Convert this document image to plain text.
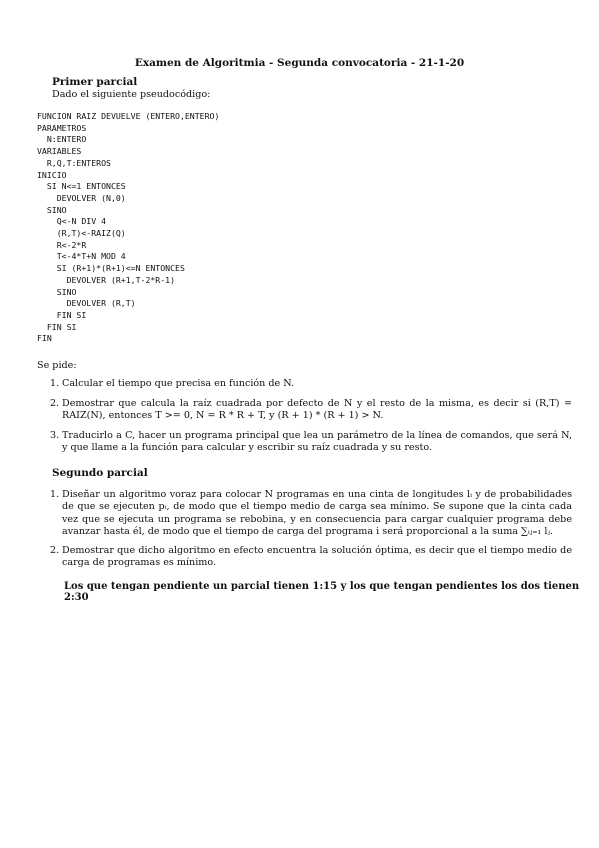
Examen de Algoritmia - Segunda convocatoria - 21-1-20
Primer parcial
Dado el siguiente pseudocódigo:
FUNCION RAIZ DEVUELVE (ENTERO,ENTERO)
PARAMETROS
N:ENTERO
VARIABLES
R,Q,T:ENTEROS
INICIO
SI N<=1 ENTONCES
DEVOLVER (N,0)
SINO
Q<-N DIV 4
(R,T)<-RAIZ(Q)
R<-2*R
T<-4*T+N MOD 4
SI (R+1)*(R+1)<=N ENTONCES
DEVOLVER (R+1,T-2*R-1)
SINO
DEVOLVER (R,T)
FIN SI
FIN SI
FIN
Se pide:
1. Calcular el tiempo que precisa en función de N.
2. Demostrar que calcula la raíz cuadrada por defecto de N y el resto de la misma, es decir si (R,T) = RAIZ(N), entonces T >= 0, N = R * R + T, y (R + 1) * (R + 1) > N.
3. Traducirlo a C, hacer un programa principal que lea un parámetro de la línea de comandos, que será N, y que llame a la función para calcular y escribir su raíz cuadrada y su resto.
Segundo parcial
1. Diseñar un algoritmo voraz para colocar N programas en una cinta de longitudes lᵢ y de probabilidades de que se ejecuten pᵢ, de modo que el tiempo medio de carga sea mínimo. Se supone que la cinta cada vez que se ejecuta un programa se rebobina, y en consecuencia para cargar cualquier programa debe avanzar hasta él, de modo que el tiempo de carga del programa i será proporcional a la suma ∑ᵢⱼ₌₁ lⱼ.
2. Demostrar que dicho algoritmo en efecto encuentra la solución óptima, es decir que el tiempo medio de carga de programas es mínimo.
Los que tengan pendiente un parcial tienen 1:15 y los que tengan pendientes los dos tienen 2:30
